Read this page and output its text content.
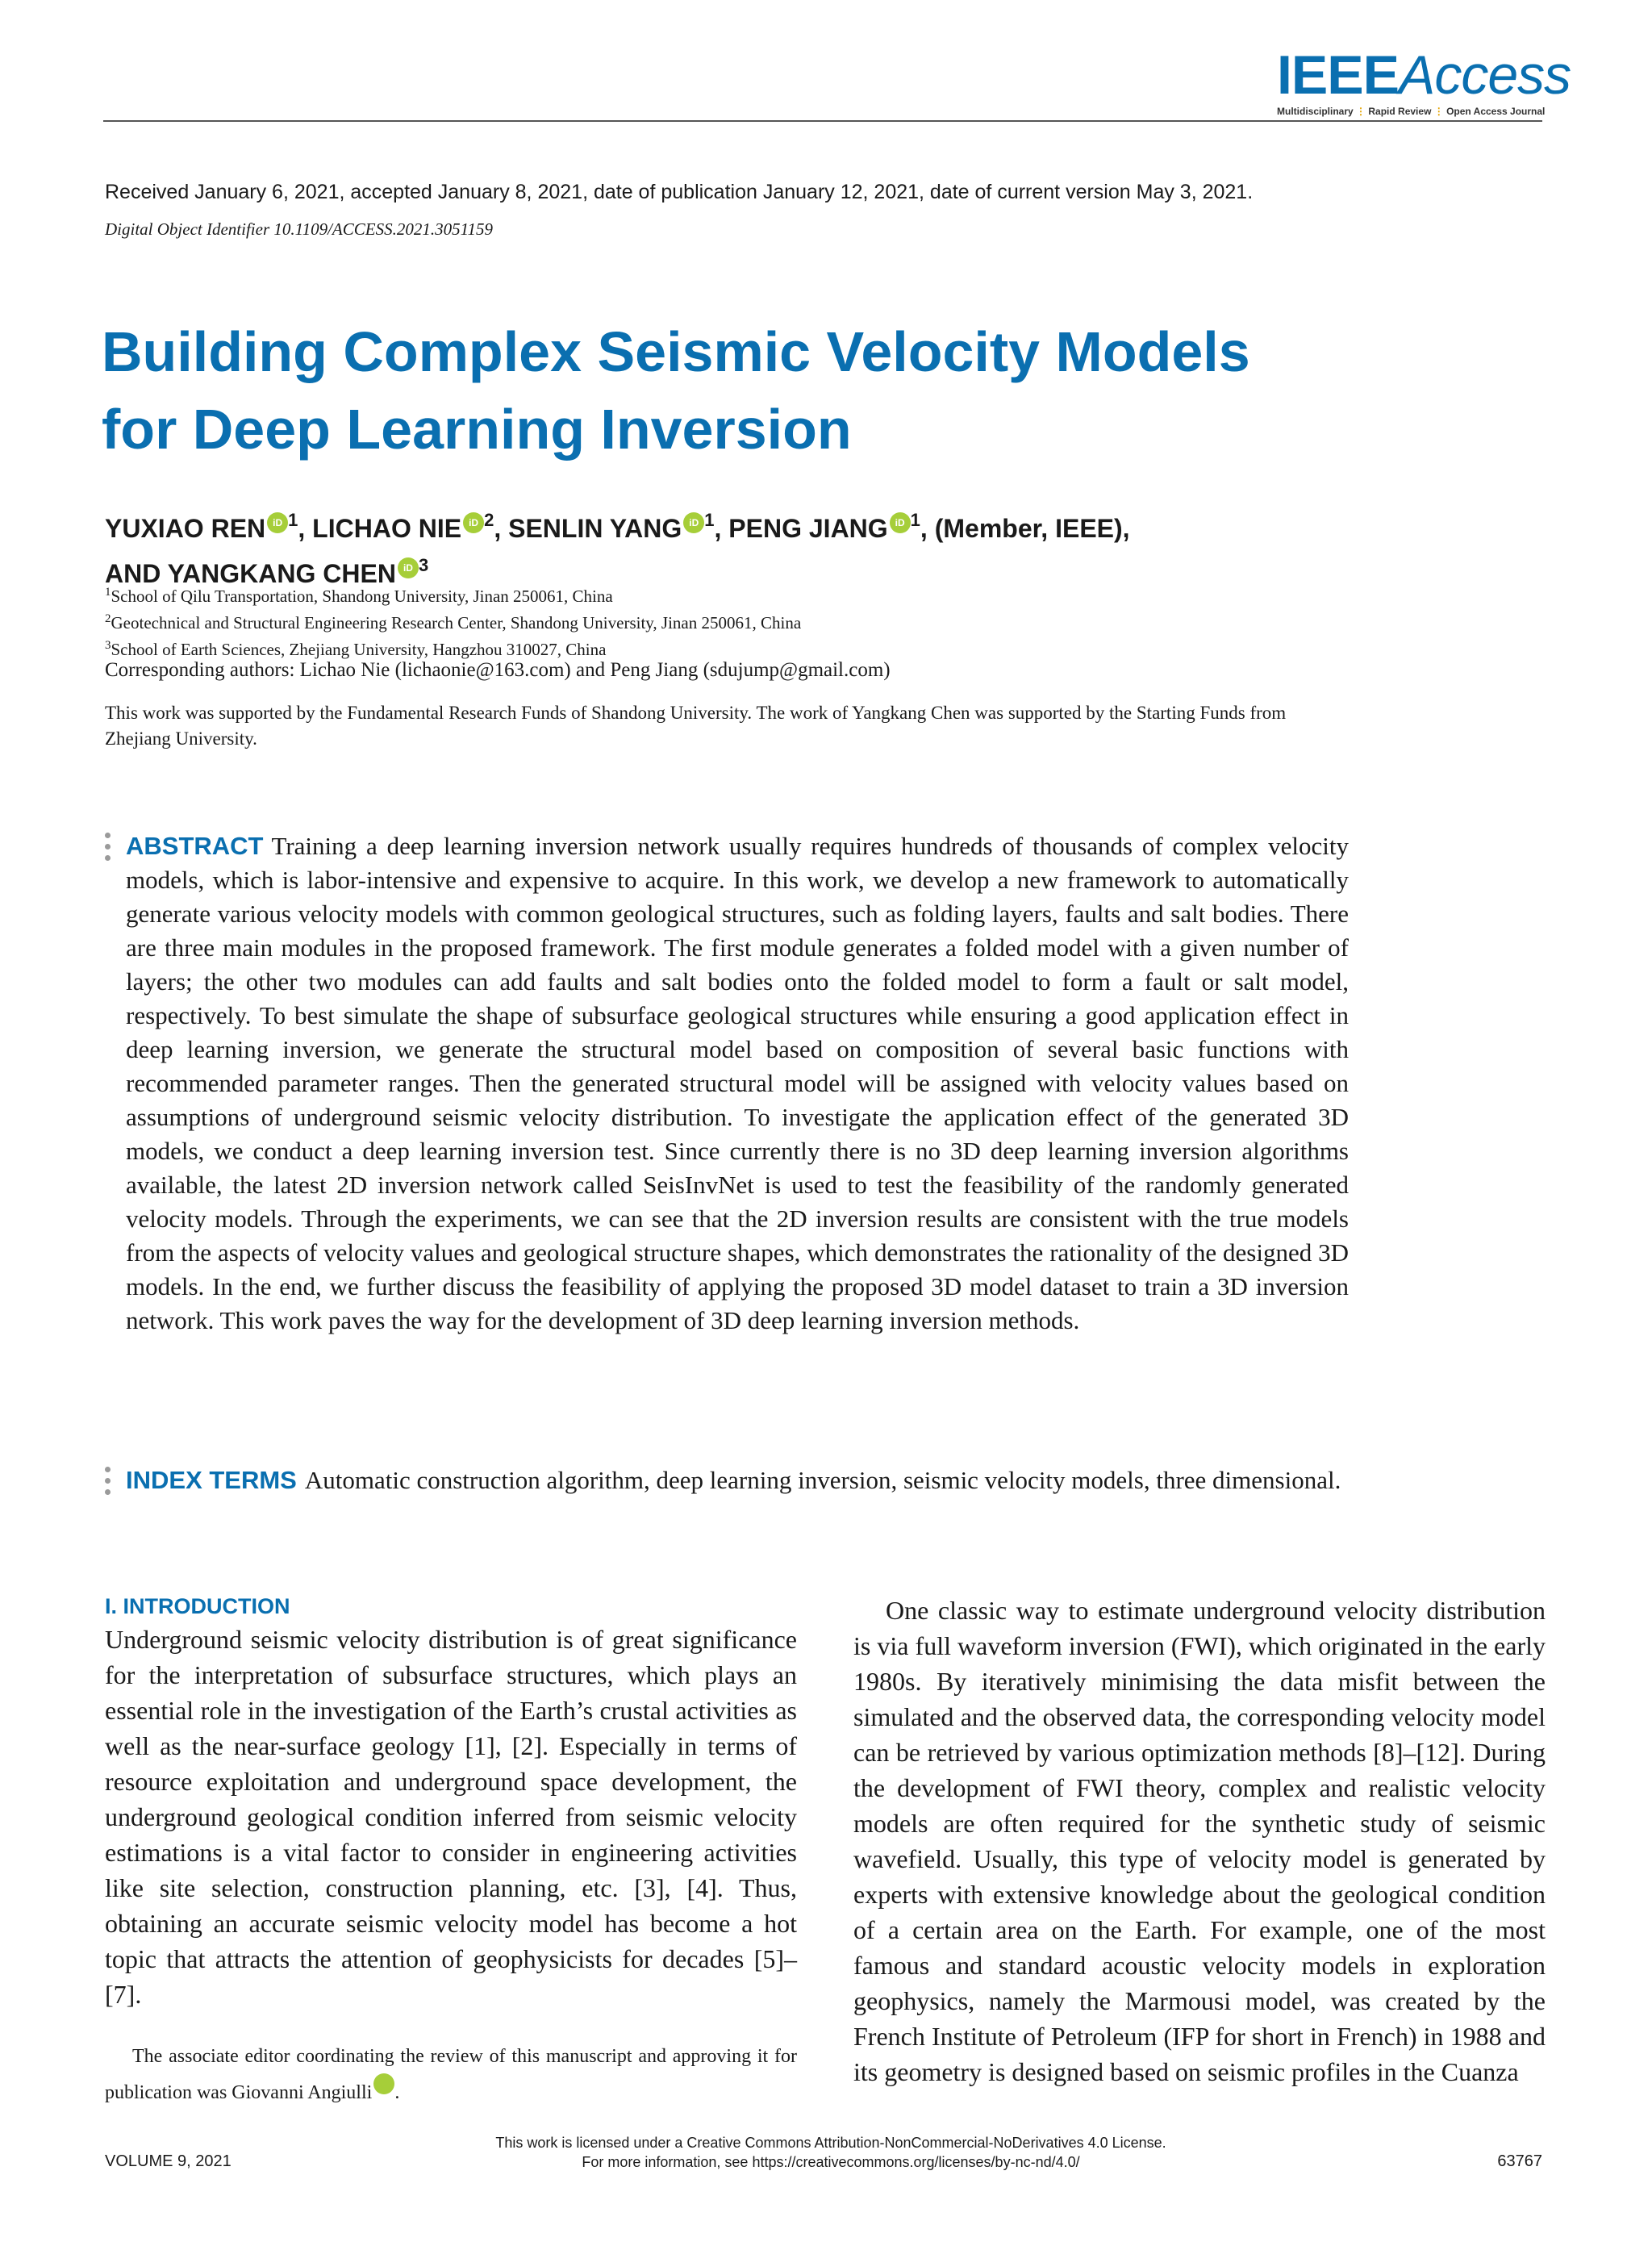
IEEEAccess
Multidisciplinary ⋮ Rapid Review ⋮ Open Access Journal
Received January 6, 2021, accepted January 8, 2021, date of publication January 12, 2021, date of current version May 3, 2021.
Digital Object Identifier 10.1109/ACCESS.2021.3051159
Building Complex Seismic Velocity Models
for Deep Learning Inversion
YUXIAO REN iD $^1$, LICHAO NIE iD $^2$, SENLIN YANG iD $^1$, PENG JIANG iD $^1$, (Member, IEEE),
AND YANGKANG CHEN iD $^3$
$^1$School of Qilu Transportation, Shandong University, Jinan 250061, China
$^2$Geotechnical and Structural Engineering Research Center, Shandong University, Jinan 250061, China
$^3$School of Earth Sciences, Zhejiang University, Hangzhou 310027, China
Corresponding authors: Lichao Nie (lichaonie@163.com) and Peng Jiang (sdujump@gmail.com)
This work was supported by the Fundamental Research Funds of Shandong University. The work of Yangkang Chen was supported by the Starting Funds from Zhejiang University.
ABSTRACT Training a deep learning inversion network usually requires hundreds of thousands of complex velocity models, which is labor-intensive and expensive to acquire. In this work, we develop a new framework to automatically generate various velocity models with common geological structures, such as folding layers, faults and salt bodies. There are three main modules in the proposed framework. The first module generates a folded model with a given number of layers; the other two modules can add faults and salt bodies onto the folded model to form a fault or salt model, respectively. To best simulate the shape of subsurface geological structures while ensuring a good application effect in deep learning inversion, we generate the structural model based on composition of several basic functions with recommended parameter ranges. Then the generated structural model will be assigned with velocity values based on assumptions of underground seismic velocity distribution. To investigate the application effect of the generated 3D models, we conduct a deep learning inversion test. Since currently there is no 3D deep learning inversion algorithms available, the latest 2D inversion network called SeisInvNet is used to test the feasibility of the randomly generated velocity models. Through the experiments, we can see that the 2D inversion results are consistent with the true models from the aspects of velocity values and geological structure shapes, which demonstrates the rationality of the designed 3D models. In the end, we further discuss the feasibility of applying the proposed 3D model dataset to train a 3D inversion network. This work paves the way for the development of 3D deep learning inversion methods.
INDEX TERMS Automatic construction algorithm, deep learning inversion, seismic velocity models, three dimensional.
I. INTRODUCTION

Underground seismic velocity distribution is of great significance for the interpretation of subsurface structures, which plays an essential role in the investigation of the Earth’s crustal activities as well as the near-surface geology [1], [2]. Especially in terms of resource exploitation and underground space development, the underground geological condition inferred from seismic velocity estimations is a vital factor to consider in engineering activities like site selection, construction planning, etc. [3], [4]. Thus, obtaining an accurate seismic velocity model has become a hot topic that attracts the attention of geophysicists for decades [5]–[7].

The associate editor coordinating the review of this manuscript and approving it for publication was Giovanni Angiulli	iD.

One classic way to estimate underground velocity distribution is via full waveform inversion (FWI), which originated in the early 1980s. By iteratively minimising the data misfit between the simulated and the observed data, the corresponding velocity model can be retrieved by various optimization methods [8]–[12]. During the development of FWI theory, complex and realistic velocity models are often required for the synthetic study of seismic wavefield. Usually, this type of velocity model is generated by experts with extensive knowledge about the geological condition of a certain area on the Earth. For example, one of the most famous and standard acoustic velocity models in exploration geophysics, namely the Marmousi model, was created by the French Institute of Petroleum (IFP for short in French) in 1988 and its geometry is designed based on seismic profiles in the Cuanza

VOLUME 9, 2021
This work is licensed under a Creative Commons Attribution-NonCommercial-NoDerivatives 4.0 License.
For more information, see https://creativecommons.org/licenses/by-nc-nd/4.0/	63767
